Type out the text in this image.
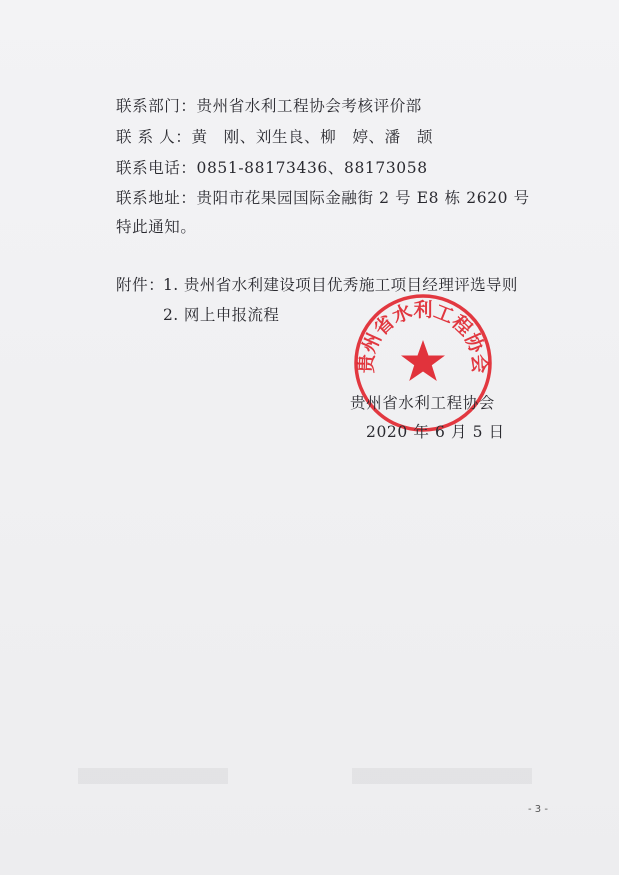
联系部门：贵州省水利工程协会考核评价部
联 系 人：黄　刚、刘生良、柳　婷、潘　颉
联系电话：0851-88173436、88173058
联系地址：贵阳市花果园国际金融街 2 号 E8 栋 2620 号
特此通知。
附件：
1. 贵州省水利建设项目优秀施工项目经理评选导则
2. 网上申报流程
贵州省水利工程协会
贵州省水利工程协会
2020 年 6 月 5 日
- 3 -
